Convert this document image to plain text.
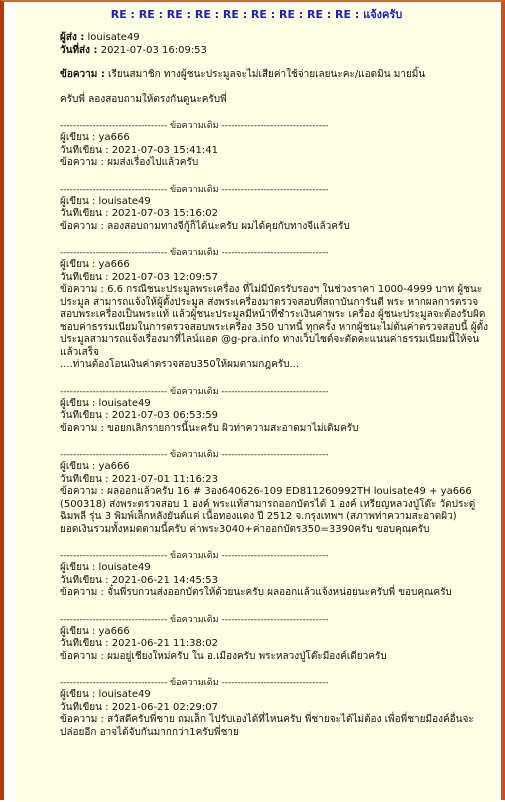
RE : RE : RE : RE : RE : RE : RE : RE : RE : แจ้งครับ
ผู้ส่ง : louisate49
วันที่ส่ง : 2021-07-03 16:09:53
ข้อความ : เรียนสมาชิก ทางผู้ชนะประมูลจะไม่เสียค่าใช้จ่ายเลยนะคะ/แอดมิน มายมิ้น
ครับพี่ ลองสอบถามให้ตรงกันดูนะครับพี่
--------------------------------- ข้อความเดิม ---------------------------------
ผู้เขียน : ya666
วันที่เขียน : 2021-07-03 15:41:41
ข้อความ : ผมส่งเรื่องไปแล้วครับ
--------------------------------- ข้อความเดิม ---------------------------------
ผู้เขียน : louisate49
วันที่เขียน : 2021-07-03 15:16:02
ข้อความ : ลองสอบถามทางจีกู้ก็ได้นะครับ ผมได้คุยกับทางจีแล้วครับ
--------------------------------- ข้อความเดิม ---------------------------------
ผู้เขียน : ya666
วันที่เขียน : 2021-07-03 12:09:57
ข้อความ : 6.6 กรณีชนะประมูลพระเครื่อง ที่ไม่มีบัตรรับรองฯ ในช่วงราคา 1000-4999 บาท ผู้ชนะประมูล สามารถแจ้งให้ผู้ตั้งประมูล ส่งพระเครื่องมาตรวจสอบที่สถาบันการันตี พระ หากผลการตรวจสอบพระเครื่องเป็นพระแท้ แล้วผู้ชนะประมูลมีหน้าที่ชำระเงินค่าพระ เครื่อง ผู้ชนะประมูลจะต้องรับผิดชอบค่าธรรมเนียมในการตรวจสอบพระเครื่อง 350 บาทนี้ ทุกครั้ง หากผู้ชนะไม่ต้นค่าตรวจสอบนี้ ผู้ตั้งประมูลสามารถแจ้งเรื่องมาที่ไลน์แอด @g-pra.info ทางเว็บไซต์จะตัดคะแนนค่าธรรมเนียมนี้ให้จนแล้วเสร็จ
....ท่านต้องโอนเงินค่าตรวจสอบ350ให้ผมตามกฎครับ...
--------------------------------- ข้อความเดิม ---------------------------------
ผู้เขียน : louisate49
วันที่เขียน : 2021-07-03 06:53:59
ข้อความ : ขอยกเลิกรายการนี้นะครับ ผิวท่าความสะอาดมาไม่เดิมครับ
--------------------------------- ข้อความเดิม ---------------------------------
ผู้เขียน : ya666
วันที่เขียน : 2021-07-01 11:16:23
ข้อความ : ผลออกแล้วครับ 16 # 3อง640626-109 ED811260992TH louisate49 + ya666 (500318) ส่งพระตรวจสอบ 1 องค์ พระแท้สามารถออกบัตรได้ 1 องค์ เหรียญหลวงปู่โต๊ะ วัดประดู่ฉิมพลี รุ่น 3 พิมพ์เล็กหลังยันต์แต่ เนื้อทองแดง ปี 2512 จ.กรุงเทพฯ (สภาพท่าความสะอาดผิว)
ยอดเงินรวมทั้งหมดตามนี้ครับ ค่าพระ3040+ค่าออกบัตร350=3390ครับ ขอบคุณครับ
--------------------------------- ข้อความเดิม ---------------------------------
ผู้เขียน : louisate49
วันที่เขียน : 2021-06-21 14:45:53
ข้อความ : จั๋นพี่รบกวนส่งออกบัตรให้ด้วยนะครับ ผลออกแล้วแจ้งหน่อยนะครับพี่ ขอบคุณครับ
--------------------------------- ข้อความเดิม ---------------------------------
ผู้เขียน : ya666
วันที่เขียน : 2021-06-21 11:38:02
ข้อความ : ผมอยู่เชียงใหม่ครับ ใน อ.เมืองครับ พระหลวงปู่โต๊ะมีองค์เดียวครับ
--------------------------------- ข้อความเดิม ---------------------------------
ผู้เขียน : louisate49
วันที่เขียน : 2021-06-21 02:29:07
ข้อความ : สวัสดีครับพี่ชาย ถมเล็ก ไปรับเองได้ที่ไหนครับ พี่ชายจะได้ไม่ต้อง เพื่อพี่ชายมีองค์อื่นจะปล่อยอีก อาจได้จับกันมากกว่า1ครับพี่ชาย
